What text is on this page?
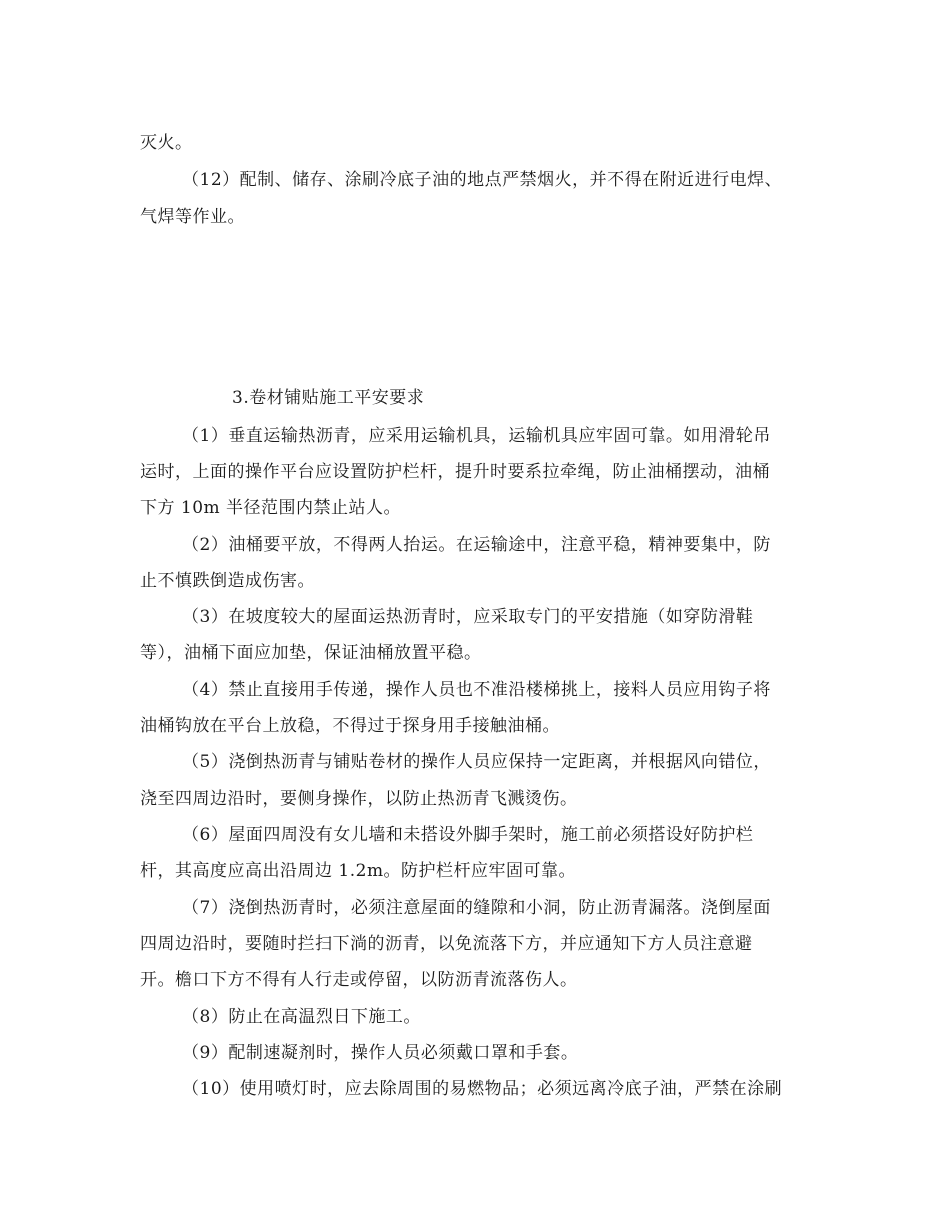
灭火。

（12）配制、储存、涂刷冷底子油的地点严禁烟火，并不得在附近进行电焊、

气焊等作业。

3.卷材铺贴施工平安要求

（1）垂直运输热沥青，应采用运输机具，运输机具应牢固可靠。如用滑轮吊

运时，上面的操作平台应设置防护栏杆，提升时要系拉牵绳，防止油桶摆动，油桶

下方 10m 半径范围内禁止站人。

（2）油桶要平放，不得两人抬运。在运输途中，注意平稳，精神要集中，防

止不慎跌倒造成伤害。

（3）在坡度较大的屋面运热沥青时，应采取专门的平安措施（如穿防滑鞋

等），油桶下面应加垫，保证油桶放置平稳。

（4）禁止直接用手传递，操作人员也不准沿楼梯挑上，接料人员应用钩子将

油桶钩放在平台上放稳，不得过于探身用手接触油桶。

（5）浇倒热沥青与铺贴卷材的操作人员应保持一定距离，并根据风向错位，

浇至四周边沿时，要侧身操作，以防止热沥青飞溅烫伤。

（6）屋面四周没有女儿墙和未搭设外脚手架时，施工前必须搭设好防护栏

杆，其高度应高出沿周边 1.2m。防护栏杆应牢固可靠。

（7）浇倒热沥青时，必须注意屋面的缝隙和小洞，防止沥青漏落。浇倒屋面

四周边沿时，要随时拦扫下淌的沥青，以免流落下方，并应通知下方人员注意避

开。檐口下方不得有人行走或停留，以防沥青流落伤人。

（8）防止在高温烈日下施工。

（9）配制速凝剂时，操作人员必须戴口罩和手套。

（10）使用喷灯时，应去除周围的易燃物品；必须远离冷底子油，严禁在涂刷
